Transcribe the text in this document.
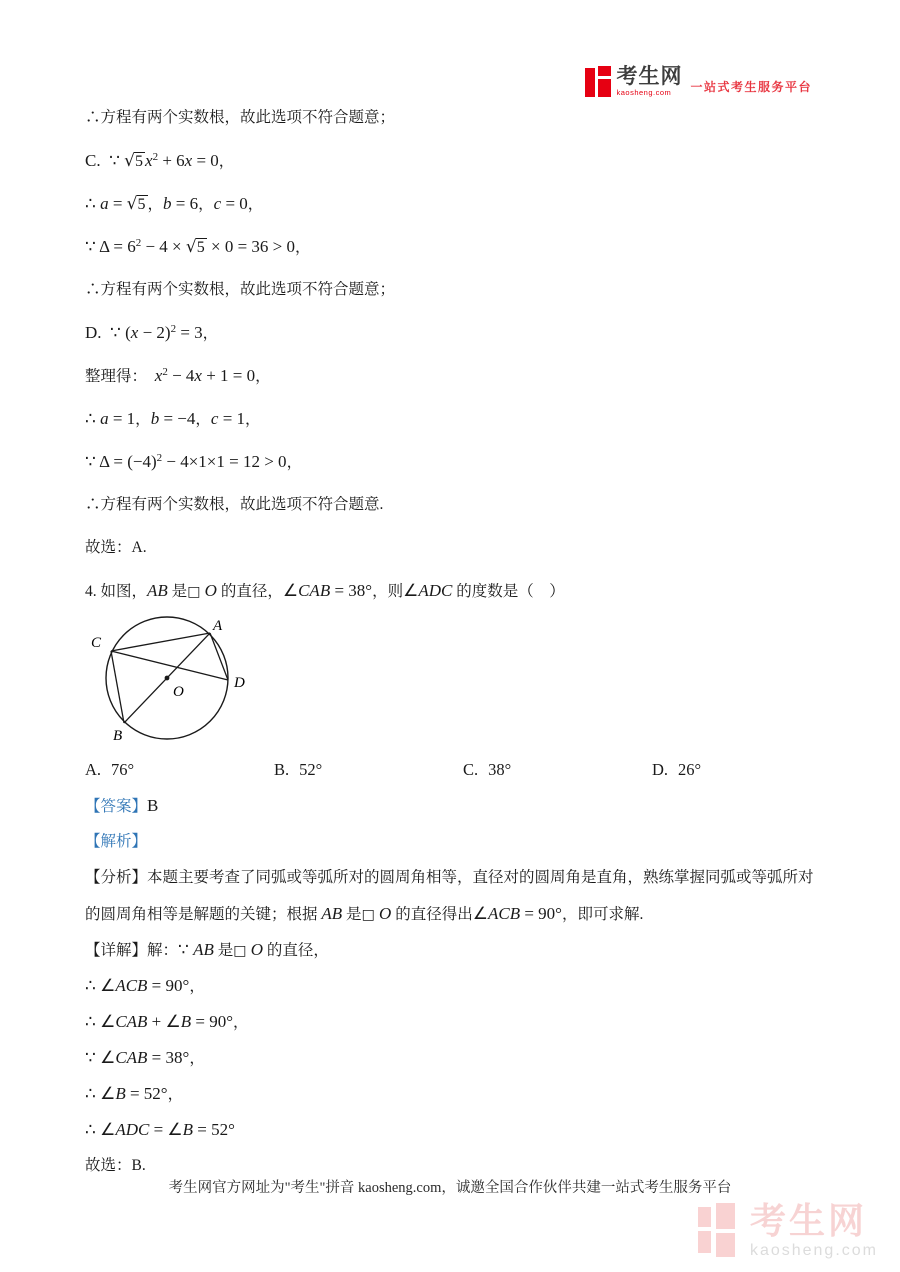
考生网
kaosheng.com	一站式考生服务平台
∴方程有两个实数根，故此选项不符合题意；
C.  ∵ √5 $x^2 + 6x = 0$，
∴ a = √5 ，b = 6，c = 0，
∵ $\Delta = 6^2 - 4 \times √5 \times 0 = 36 > 0$，
∴方程有两个实数根，故此选项不符合题意；
D.  ∵ $(x - 2)^2 = 3$，
整理得：  $x^2 - 4x + 1 = 0$，
∴ a = 1，b = −4，c = 1，
∵ $\Delta = (-4)^2 - 4\times 1\times 1 = 12 > 0$，
∴方程有两个实数根，故此选项不符合题意.
故选：A.
4. 如图，AB 是□ O 的直径，∠CAB = 38°，则∠ADC 的度数是（    ）
A
B
C
D
O
A. 76°	B. 52°	C. 38°	D. 26°
【答案】B
【解析】
【分析】本题主要考查了同弧或等弧所对的圆周角相等，直径对的圆周角是直角，熟练掌握同弧或等弧所对
的圆周角相等是解题的关键；根据 AB 是□ O 的直径得出∠ACB = 90°，即可求解.
【详解】解：∵ AB 是□ O 的直径，
∴ ∠ACB = 90°，
∴ ∠CAB + ∠B = 90°，
∵ ∠CAB = 38°，
∴ ∠B = 52°，
∴ ∠ADC = ∠B = 52°
故选：B.
考生网官方网址为"考生"拼音 kaosheng.com，诚邀全国合作伙伴共建一站式考生服务平台
考生网
kaosheng.com
